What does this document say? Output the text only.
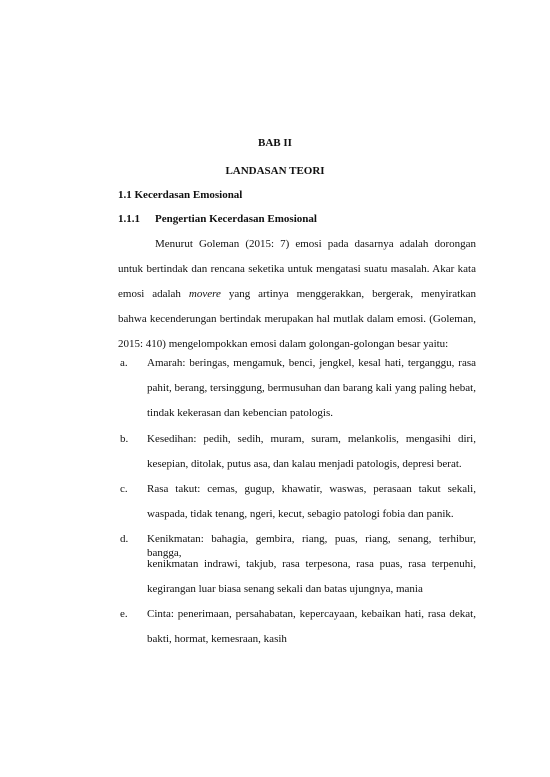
BAB II
LANDASAN TEORI
1.1 Kecerdasan Emosional
1.1.1 Pengertian Kecerdasan Emosional
Menurut Goleman (2015: 7) emosi pada dasarnya adalah dorongan
untuk bertindak dan rencana seketika untuk mengatasi suatu masalah. Akar kata
emosi adalah movere yang artinya menggerakkan, bergerak, menyiratkan
bahwa kecenderungan bertindak merupakan hal mutlak dalam emosi. (Goleman,
2015: 410) mengelompokkan emosi dalam golongan-golongan besar yaitu:
a. Amarah: beringas, mengamuk, benci, jengkel, kesal hati, terganggu, rasa
pahit, berang, tersinggung, bermusuhan dan barang kali yang paling hebat,
tindak kekerasan dan kebencian patologis.
b. Kesedihan: pedih, sedih, muram, suram, melankolis, mengasihi diri,
kesepian, ditolak, putus asa, dan kalau menjadi patologis, depresi berat.
c. Rasa takut: cemas, gugup, khawatir, waswas, perasaan takut sekali,
waspada, tidak tenang, ngeri, kecut, sebagio patologi fobia dan panik.
d. Kenikmatan: bahagia, gembira, riang, puas, riang, senang, terhibur, bangga,
kenikmatan indrawi, takjub, rasa terpesona, rasa puas, rasa terpenuhi,
kegirangan luar biasa senang sekali dan batas ujungnya, mania
e. Cinta: penerimaan, persahabatan, kepercayaan, kebaikan hati, rasa dekat,
bakti, hormat, kemesraan, kasih
